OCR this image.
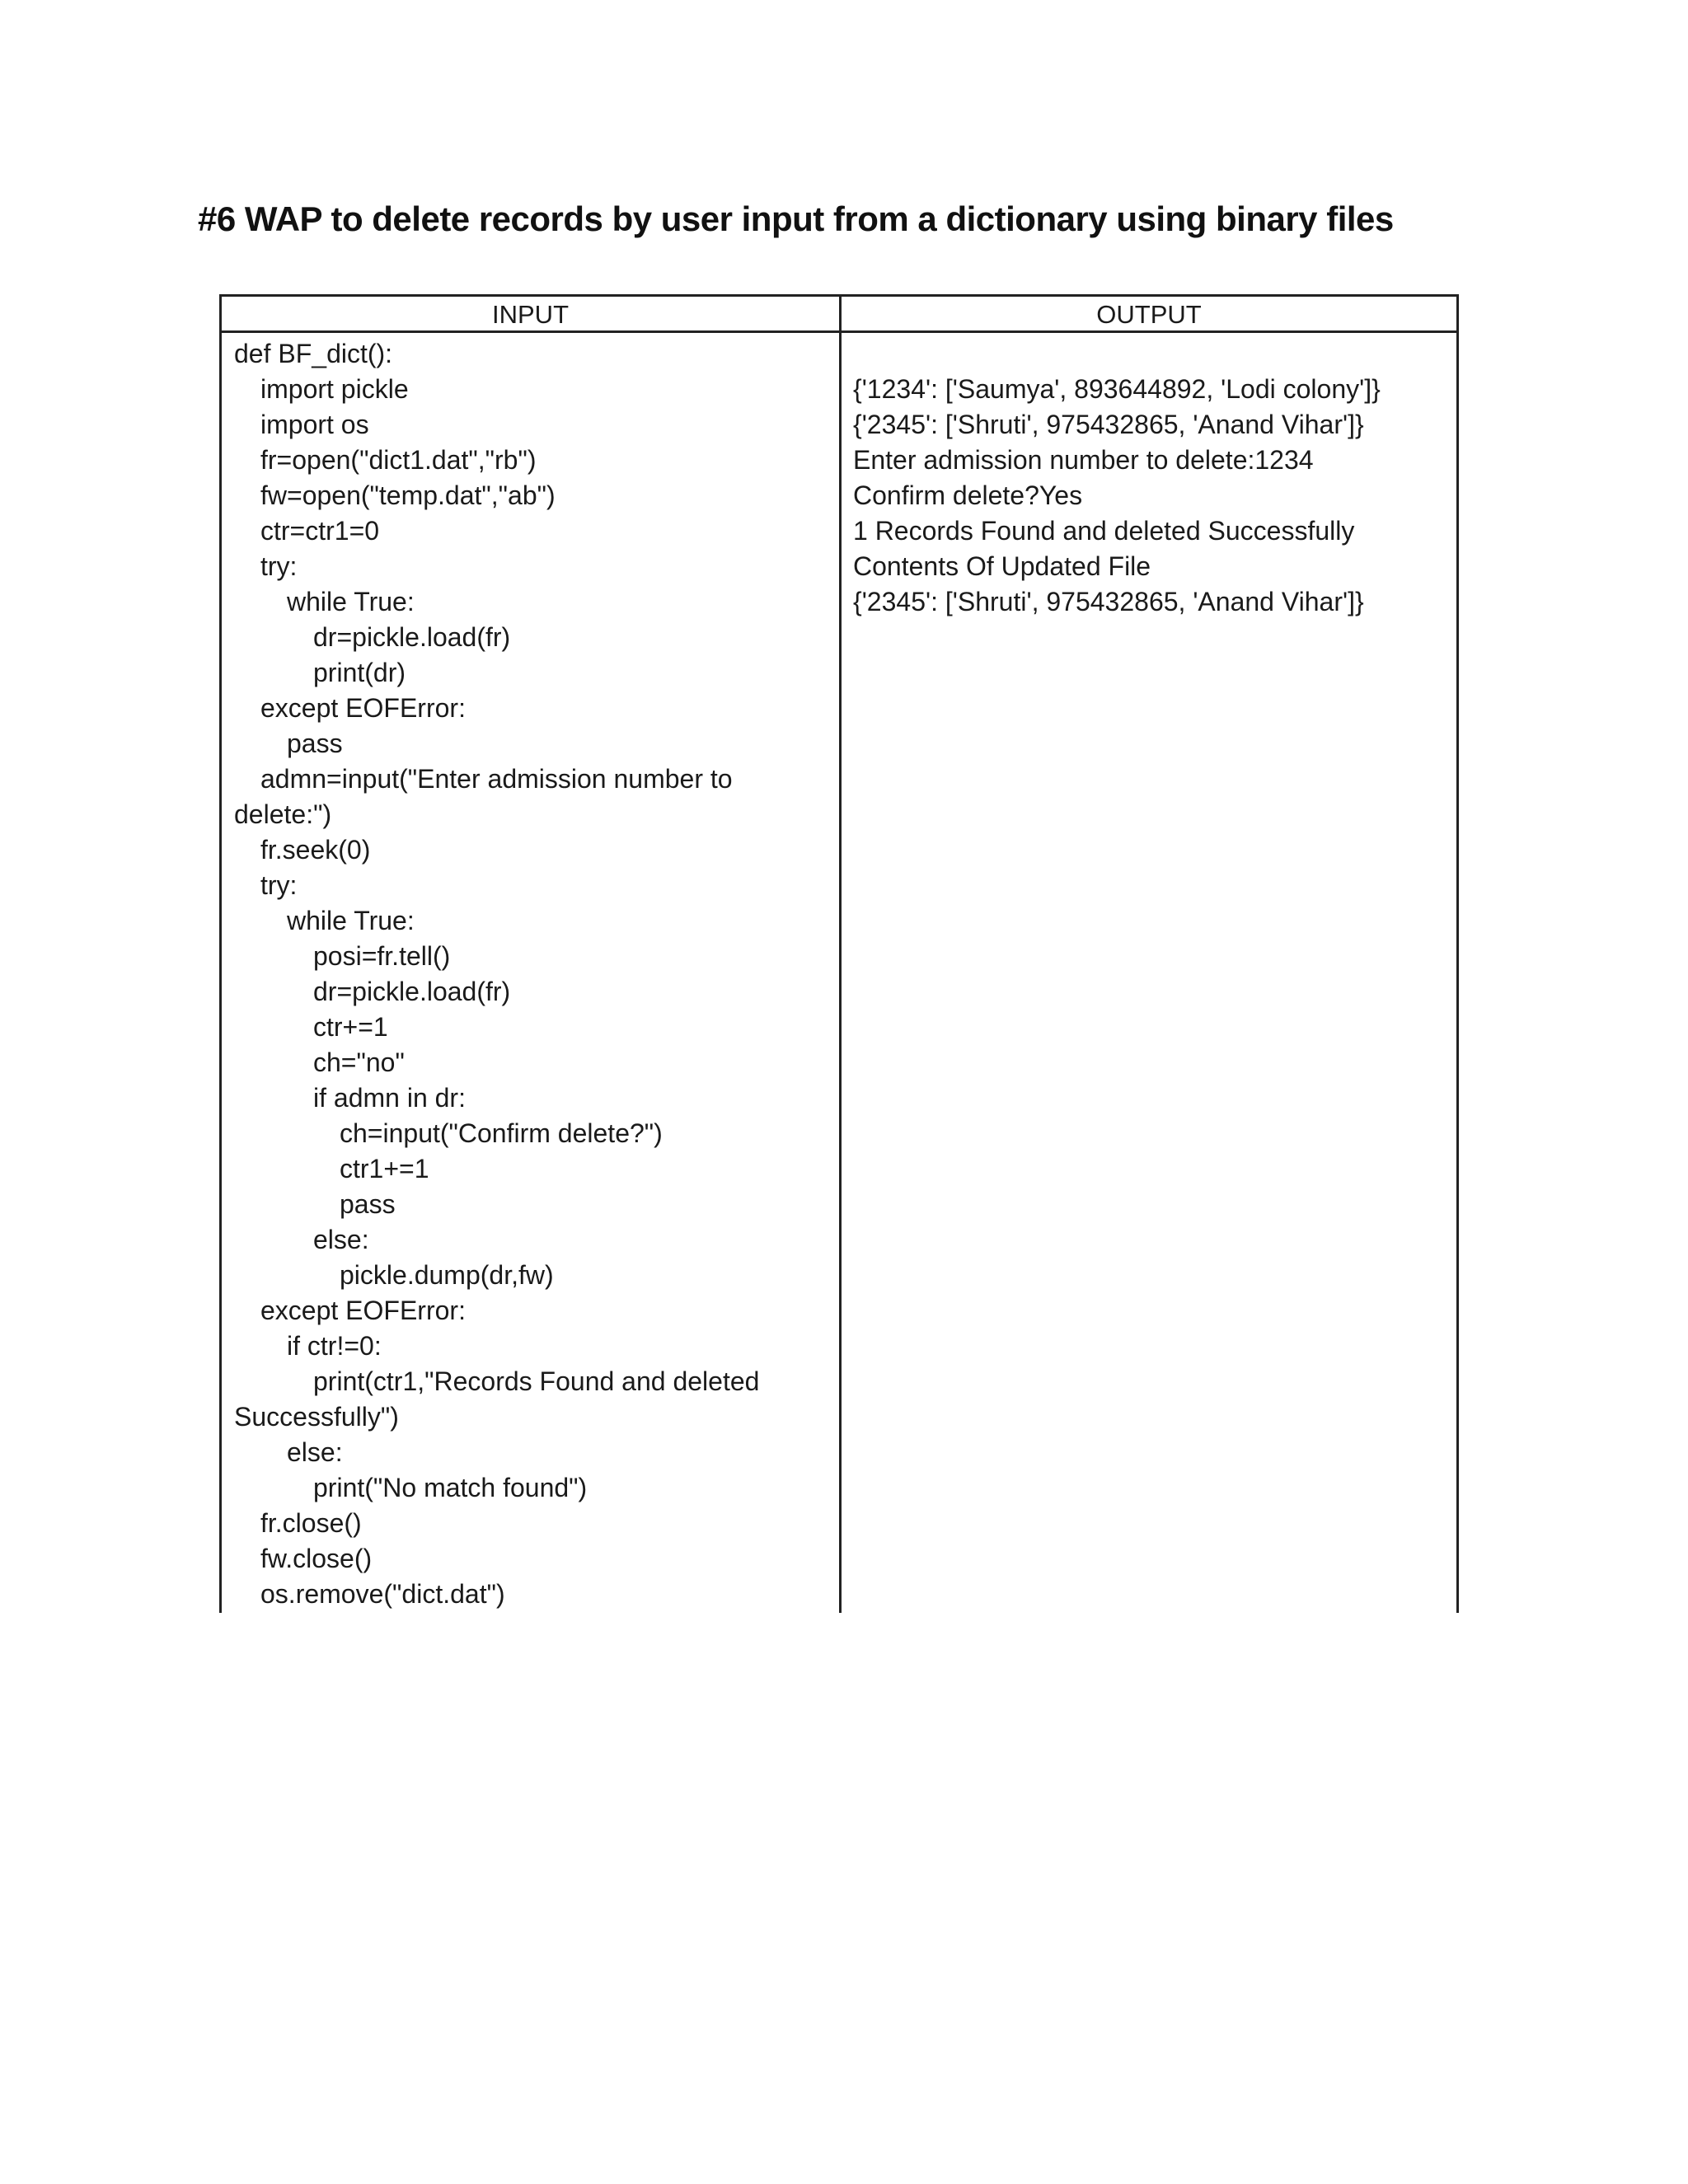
#6 WAP to delete records by user input from a dictionary using binary files
INPUT	OUTPUT
def BF_dict():
import pickle
import os
fr=open("dict1.dat","rb")
fw=open("temp.dat","ab")
ctr=ctr1=0
try:
while True:
dr=pickle.load(fr)
print(dr)
except EOFError:
pass
admn=input("Enter admission number to
delete:")
fr.seek(0)
try:
while True:
posi=fr.tell()
dr=pickle.load(fr)
ctr+=1
ch="no"
if admn in dr:
ch=input("Confirm delete?")
ctr1+=1
pass
else:
pickle.dump(dr,fw)
except EOFError:
if ctr!=0:
print(ctr1,"Records Found and deleted
Successfully")
else:
print("No match found")
fr.close()
fw.close()
os.remove("dict.dat")
{'1234': ['Saumya', 893644892, 'Lodi colony']}
{'2345': ['Shruti', 975432865, 'Anand Vihar']}
Enter admission number to delete:1234
Confirm delete?Yes
1 Records Found and deleted Successfully
Contents Of Updated File
{'2345': ['Shruti', 975432865, 'Anand Vihar']}
